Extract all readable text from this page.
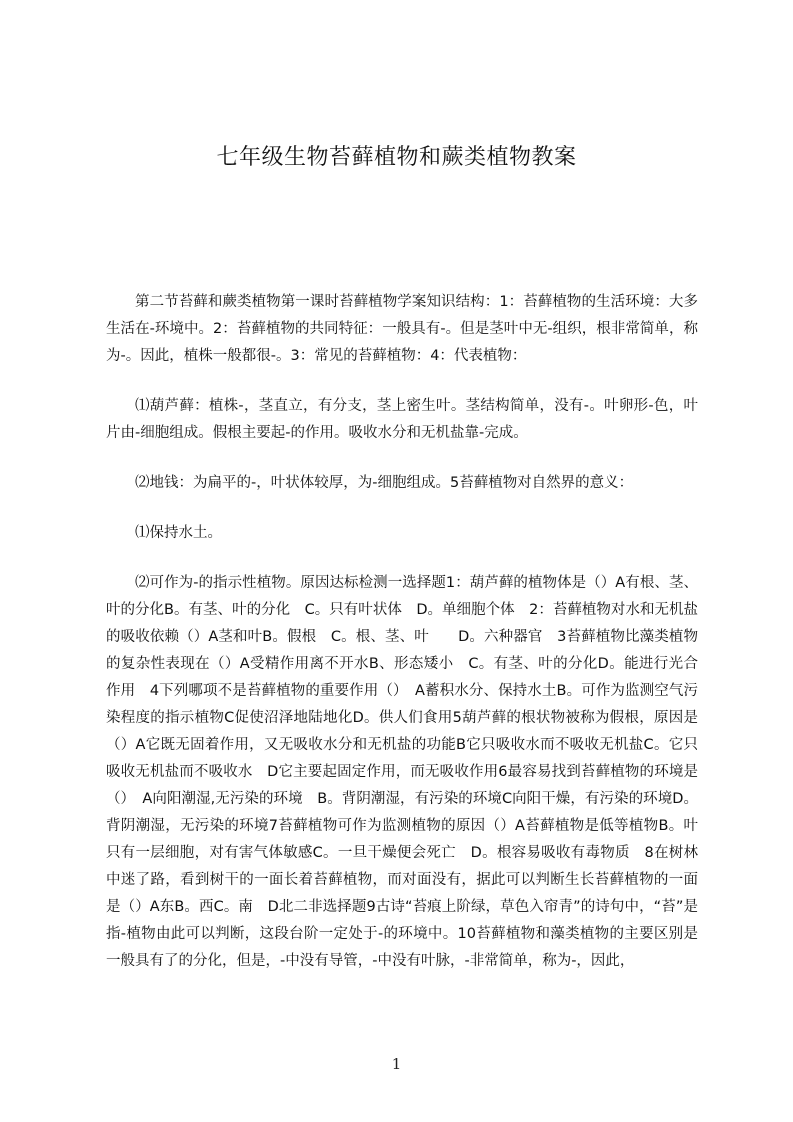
七年级生物苔藓植物和蕨类植物教案

第二节苔藓和蕨类植物第一课时苔藓植物学案知识结构：1：苔藓植物的生活环境：大多生活在-环境中。2：苔藓植物的共同特征：一般具有-。但是茎叶中无-组织，根非常简单，称为-。因此，植株一般都很-。3：常见的苔藓植物：4：代表植物：

⑴葫芦藓：植株-，茎直立，有分支，茎上密生叶。茎结构简单，没有-。叶卵形-色，叶片由-细胞组成。假根主要起-的作用。吸收水分和无机盐靠-完成。

⑵地钱：为扁平的-，叶状体较厚，为-细胞组成。5苔藓植物对自然界的意义：

⑴保持水土。

⑵可作为-的指示性植物。原因达标检测一选择题1：葫芦藓的植物体是（）A有根、茎、叶的分化B。有茎、叶的分化　C。只有叶状体　D。单细胞个体　2：苔藓植物对水和无机盐的吸收依赖（）A茎和叶B。假根　C。根、茎、叶　　D。六种器官　3苔藓植物比藻类植物的复杂性表现在（）A受精作用离不开水B、形态矮小　C。有茎、叶的分化D。能进行光合作用　4下列哪项不是苔藓植物的重要作用（）　A蓄积水分、保持水土B。可作为监测空气污染程度的指示植物C促使沼泽地陆地化D。供人们食用5葫芦藓的根状物被称为假根，原因是（）A它既无固着作用，又无吸收水分和无机盐的功能B它只吸收水而不吸收无机盐C。它只吸收无机盐而不吸收水　D它主要起固定作用，而无吸收作用6最容易找到苔藓植物的环境是（）　A向阳潮湿,无污染的环境　B。背阴潮湿，有污染的环境C向阳干燥，有污染的环境D。背阴潮湿，无污染的环境7苔藓植物可作为监测植物的原因（）A苔藓植物是低等植物B。叶只有一层细胞，对有害气体敏感C。一旦干燥便会死亡　D。根容易吸收有毒物质　8在树林中迷了路，看到树干的一面长着苔藓植物，而对面没有，据此可以判断生长苔藓植物的一面是（）A东B。西C。南　D北二非选择题9古诗“苔痕上阶绿，草色入帘青”的诗句中，“苔”是指-植物由此可以判断，这段台阶一定处于-的环境中。10苔藓植物和藻类植物的主要区别是一般具有了的分化，但是，-中没有导管，-中没有叶脉，-非常简单，称为-，因此，

1
